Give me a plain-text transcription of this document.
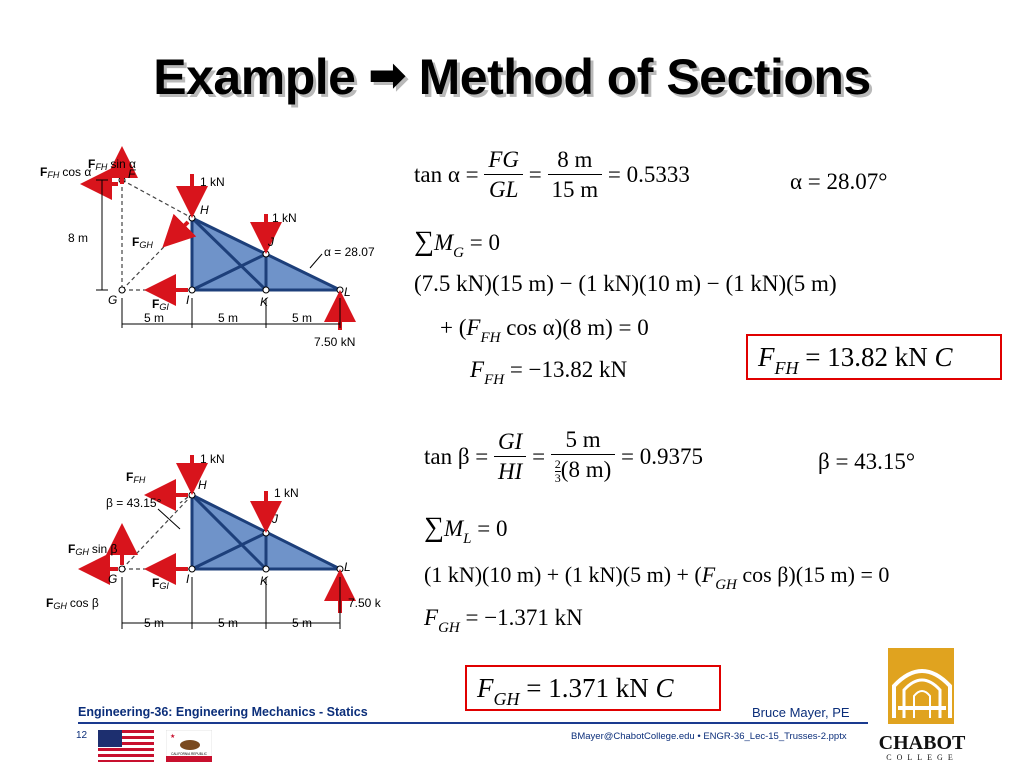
Example ➡ Method of Sections
FFH sin α
FFH cos α	F
H
J
G	I	K
L
FGH
FGI
1 kN
1 kN
7.50 kN
8 m
α = 28.07
5 m	5 m	5 m
FFH
β = 43.15°
FGH sin β
FGH cos β
H
J
G	I	K
L
FGI
1 kN
1 kN
7.50 k
5 m	5 m	5 m
$\tan \alpha = \frac{FG}{GL} = \frac{8 m}{15 m} = 0.5333$	α = 28.07°
$\sum M_G = 0$
(7.5 kN)(15 m) − (1 kN)(10 m) − (1 kN)(5 m)
+ ($F_{FH}$ cos α)(8 m) = 0
$F_{FH} = -13.82$ kN	$F_{FH} = 13.82$ kN C
$\tan \beta = \frac{GI}{HI} = \frac{5 m}{\frac{2}{3} (8 m)} = 0.9375$	β = 43.15°
$\sum M_L = 0$
(1 kN)(10 m) + (1 kN)(5 $m) + (F_{GH}$ cos β)(15 m) = 0
$F_{GH} = -1.371$ kN
$F_{GH} = 1.371$ kN C
CHABOT
COLLEGE
Engineering-36: Engineering Mechanics - Statics	Bruce Mayer, PE
12	★
CALIFORNIA REPUBLIC
BMayer@ChabotCollege.edu • ENGR-36_Lec-15_Trusses-2.pptx
